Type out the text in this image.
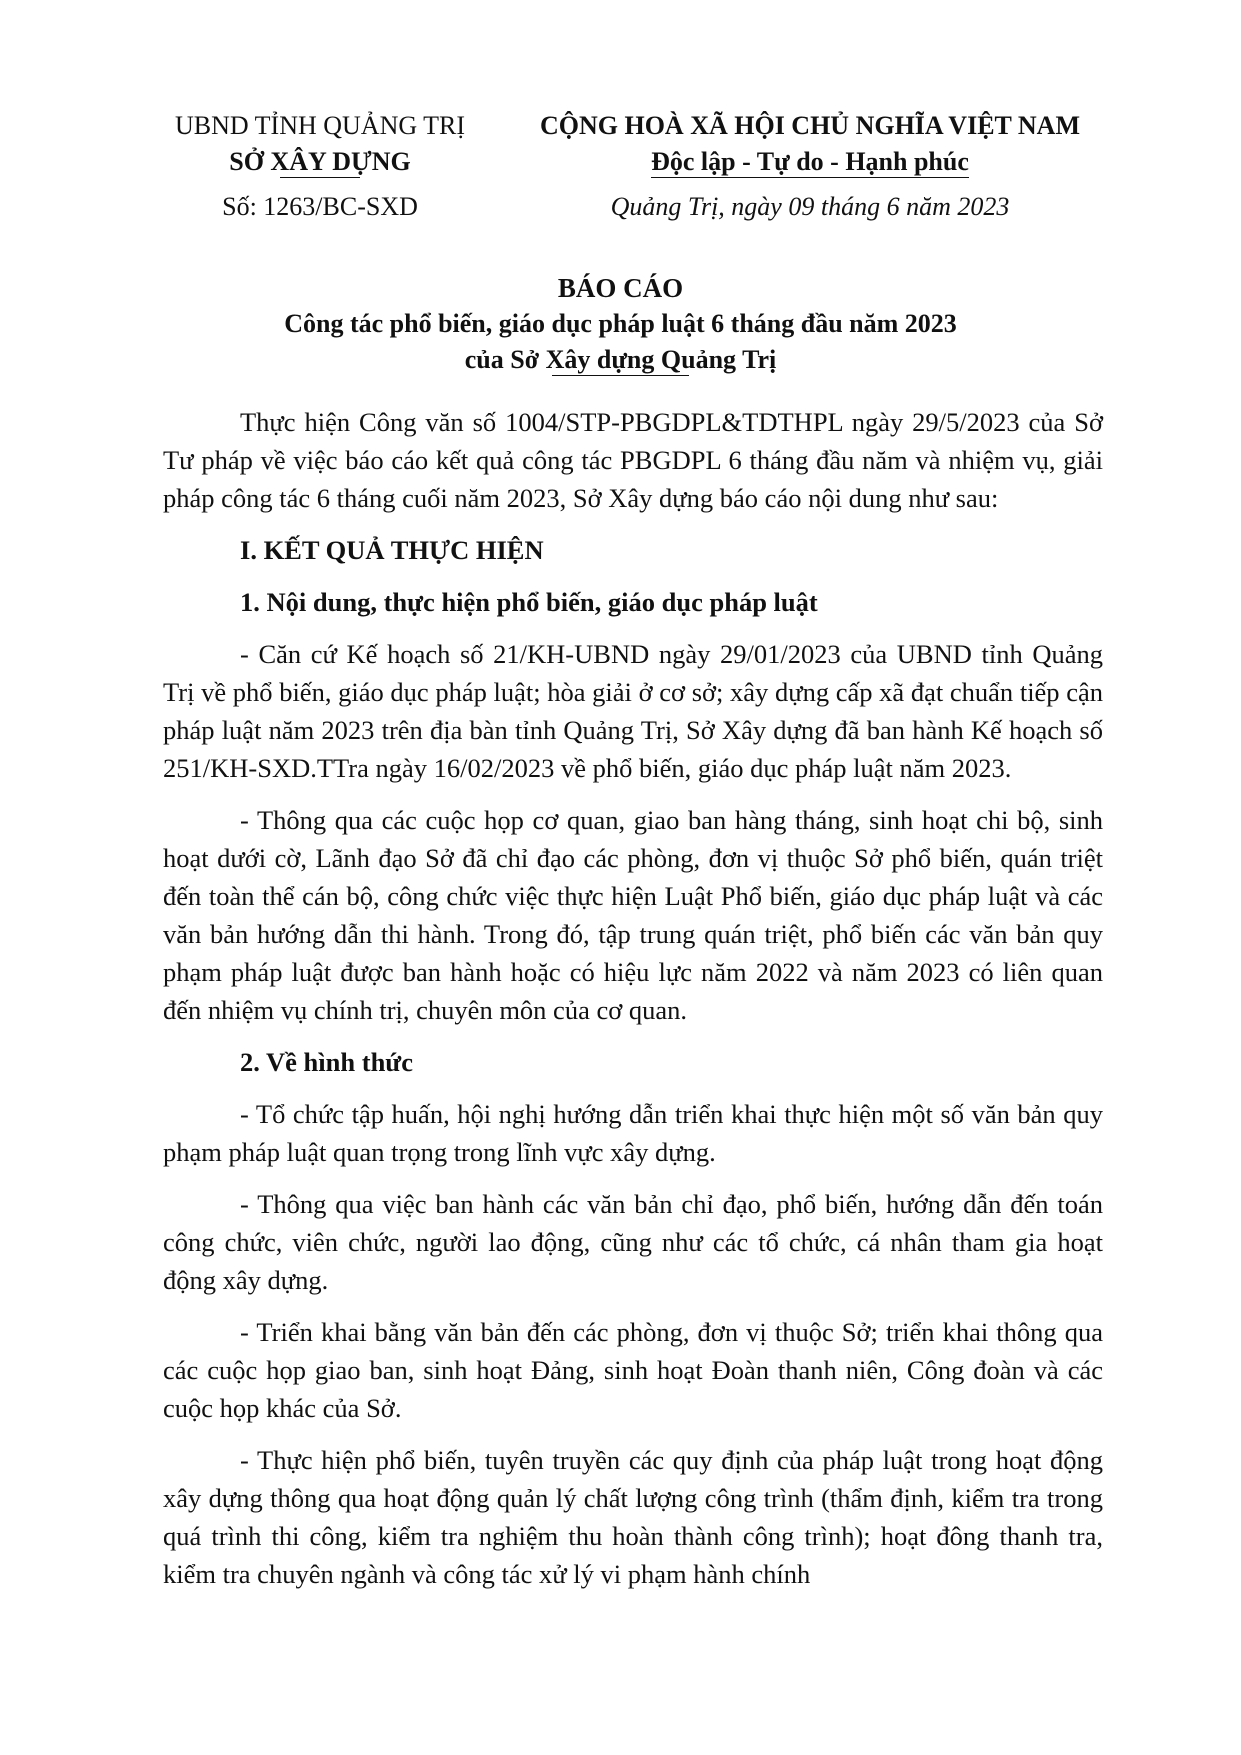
UBND TỈNH QUẢNG TRỊ
SỞ XÂY DỰNG
Số: 1263/BC-SXD
CỘNG HOÀ XÃ HỘI CHỦ NGHĨA VIỆT NAM
Độc lập - Tự do - Hạnh phúc
Quảng Trị, ngày 09 tháng 6 năm 2023
BÁO CÁO
Công tác phổ biến, giáo dục pháp luật 6 tháng đầu năm 2023
của Sở Xây dựng Quảng Trị

Thực hiện Công văn số 1004/STP-PBGDPL&TDTHPL ngày 29/5/2023 của Sở Tư pháp về việc báo cáo kết quả công tác PBGDPL 6 tháng đầu năm và nhiệm vụ, giải pháp công tác 6 tháng cuối năm 2023, Sở Xây dựng báo cáo nội dung như sau:

I. KẾT QUẢ THỰC HIỆN

1. Nội dung, thực hiện phổ biến, giáo dục pháp luật

- Căn cứ Kế hoạch số 21/KH-UBND ngày 29/01/2023 của UBND tỉnh Quảng Trị về phổ biến, giáo dục pháp luật; hòa giải ở cơ sở; xây dựng cấp xã đạt chuẩn tiếp cận pháp luật năm 2023 trên địa bàn tỉnh Quảng Trị, Sở Xây dựng đã ban hành Kế hoạch số 251/KH-SXD.TTra ngày 16/02/2023 về phổ biến, giáo dục pháp luật năm 2023.

- Thông qua các cuộc họp cơ quan, giao ban hàng tháng, sinh hoạt chi bộ, sinh hoạt dưới cờ, Lãnh đạo Sở đã chỉ đạo các phòng, đơn vị thuộc Sở phổ biến, quán triệt đến toàn thể cán bộ, công chức việc thực hiện Luật Phổ biến, giáo dục pháp luật và các văn bản hướng dẫn thi hành. Trong đó, tập trung quán triệt, phổ biến các văn bản quy phạm pháp luật được ban hành hoặc có hiệu lực năm 2022 và năm 2023 có liên quan đến nhiệm vụ chính trị, chuyên môn của cơ quan.

2. Về hình thức

- Tổ chức tập huấn, hội nghị hướng dẫn triển khai thực hiện một số văn bản quy phạm pháp luật quan trọng trong lĩnh vực xây dựng.

- Thông qua việc ban hành các văn bản chỉ đạo, phổ biến, hướng dẫn đến toán công chức, viên chức, người lao động, cũng như các tổ chức, cá nhân tham gia hoạt động xây dựng.

- Triển khai bằng văn bản đến các phòng, đơn vị thuộc Sở; triển khai thông qua các cuộc họp giao ban, sinh hoạt Đảng, sinh hoạt Đoàn thanh niên, Công đoàn và các cuộc họp khác của Sở.

- Thực hiện phổ biến, tuyên truyền các quy định của pháp luật trong hoạt động xây dựng thông qua hoạt động quản lý chất lượng công trình (thẩm định, kiểm tra trong quá trình thi công, kiểm tra nghiệm thu hoàn thành công trình); hoạt đông thanh tra, kiểm tra chuyên ngành và công tác xử lý vi phạm hành chính
